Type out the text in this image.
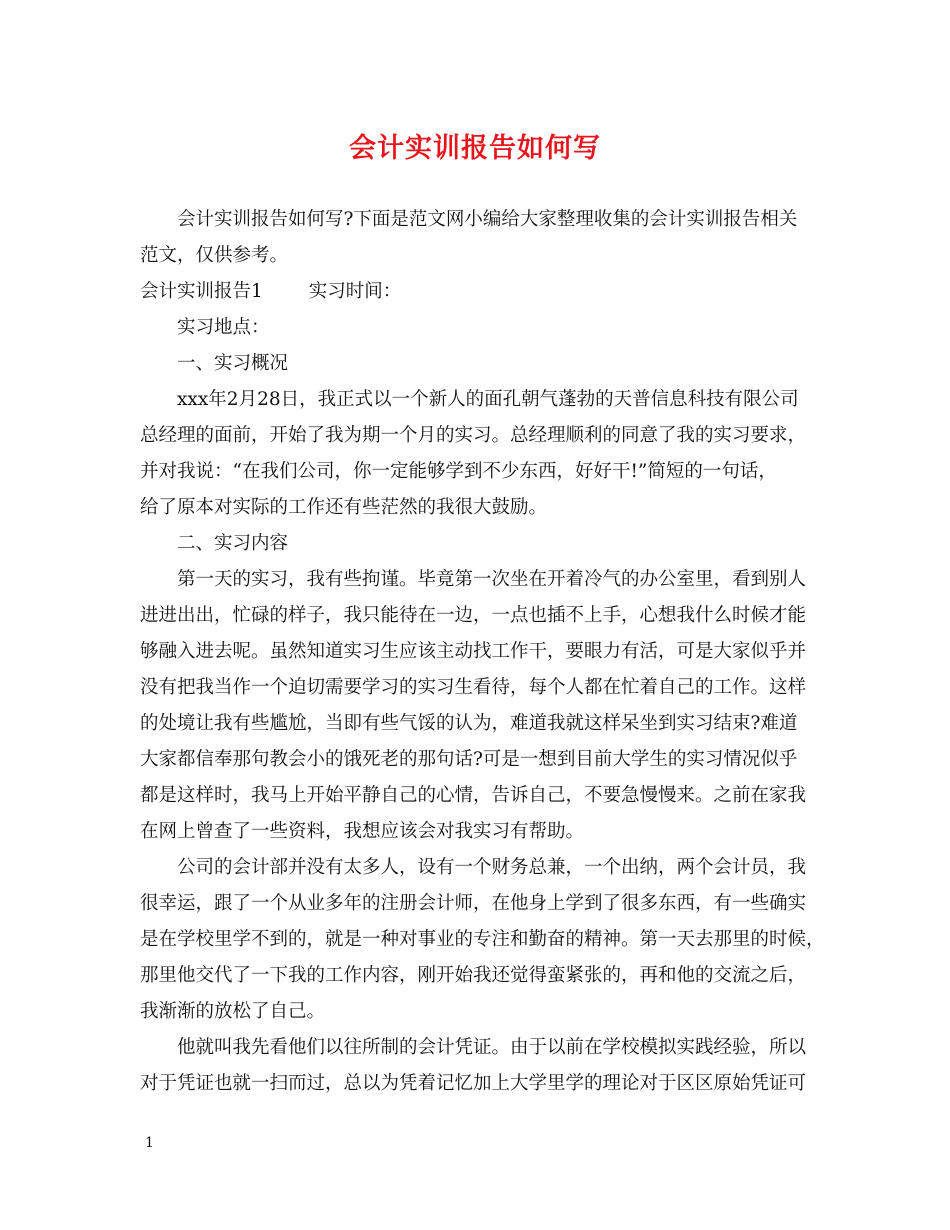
会计实训报告如何写
会计实训报告如何写?下面是范文网小编给大家整理收集的会计实训报告相关
范文，仅供参考。
会计实训报告1 实习时间：
实习地点：
一、实习概况
xxx年2月28日，我正式以一个新人的面孔朝气蓬勃的天普信息科技有限公司
总经理的面前，开始了我为期一个月的实习。总经理顺利的同意了我的实习要求，
并对我说：“在我们公司，你一定能够学到不少东西，好好干!”简短的一句话，
给了原本对实际的工作还有些茫然的我很大鼓励。
二、实习内容
第一天的实习，我有些拘谨。毕竟第一次坐在开着冷气的办公室里，看到别人
进进出出，忙碌的样子，我只能待在一边，一点也插不上手，心想我什么时候才能
够融入进去呢。虽然知道实习生应该主动找工作干，要眼力有活，可是大家似乎并
没有把我当作一个迫切需要学习的实习生看待，每个人都在忙着自己的工作。这样
的处境让我有些尴尬，当即有些气馁的认为，难道我就这样呆坐到实习结束?难道
大家都信奉那句教会小的饿死老的那句话?可是一想到目前大学生的实习情况似乎
都是这样时，我马上开始平静自己的心情，告诉自己，不要急慢慢来。之前在家我
在网上曾查了一些资料，我想应该会对我实习有帮助。
公司的会计部并没有太多人，设有一个财务总兼，一个出纳，两个会计员，我
很幸运，跟了一个从业多年的注册会计师，在他身上学到了很多东西，有一些确实
是在学校里学不到的，就是一种对事业的专注和勤奋的精神。第一天去那里的时候，
那里他交代了一下我的工作内容，刚开始我还觉得蛮紧张的，再和他的交流之后，
我渐渐的放松了自己。
他就叫我先看他们以往所制的会计凭证。由于以前在学校模拟实践经验，所以
对于凭证也就一扫而过，总以为凭着记忆加上大学里学的理论对于区区原始凭证可
1
